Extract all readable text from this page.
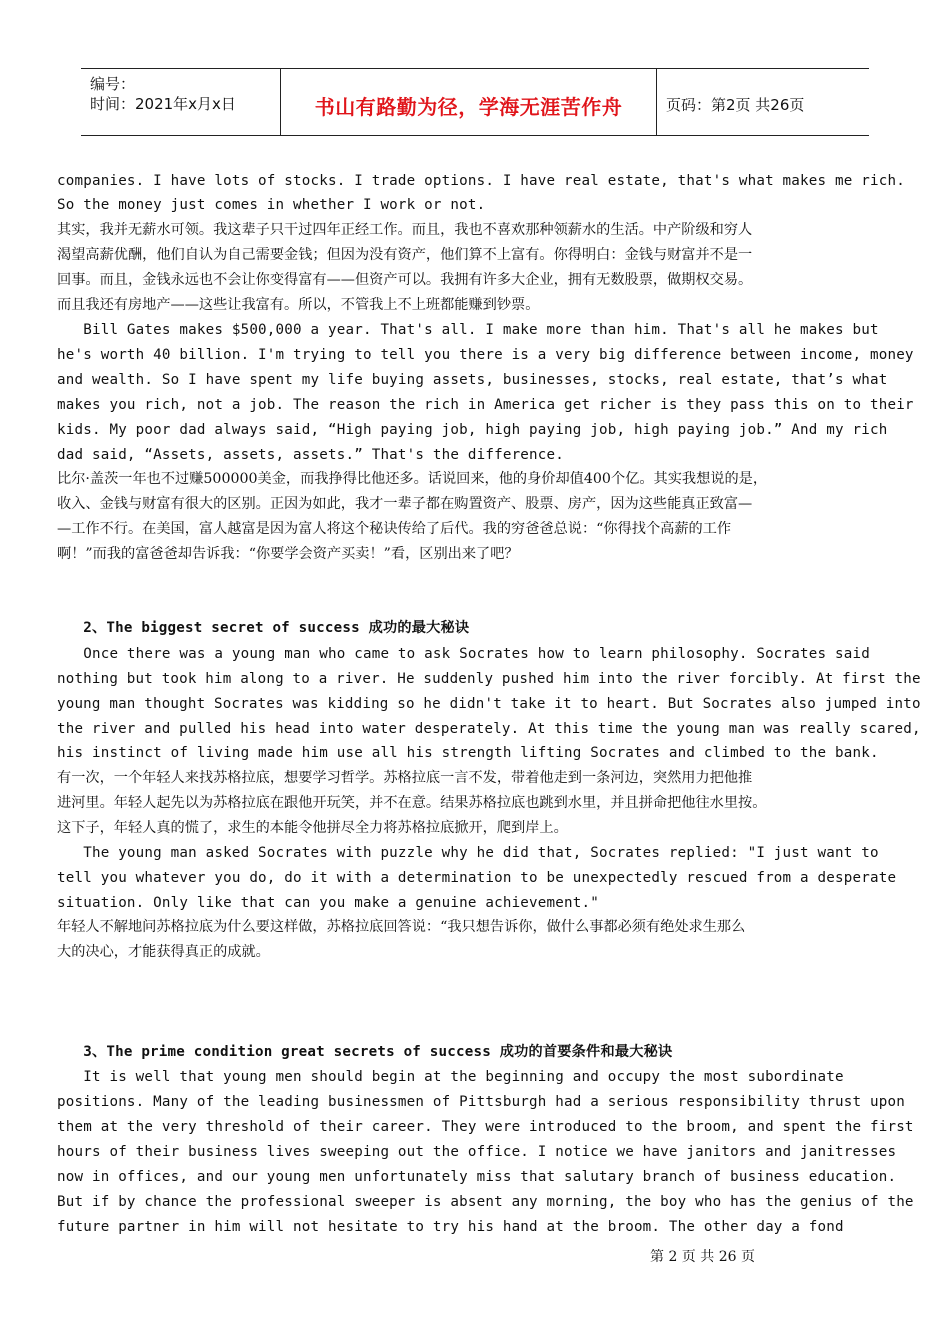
编号：
时间：2021年x月x日	书山有路勤为径，学海无涯苦作舟	页码：第2页 共26页
companies. I have lots of stocks. I trade options. I have real estate, that's what makes me rich.
So the money just comes in whether I work or not.
其实，我并无薪水可领。我这辈子只干过四年正经工作。而且，我也不喜欢那种领薪水的生活。中产阶级和穷人
渴望高薪优酬，他们自认为自己需要金钱；但因为没有资产，他们算不上富有。你得明白：金钱与财富并不是一
回事。而且，金钱永远也不会让你变得富有——但资产可以。我拥有许多大企业，拥有无数股票，做期权交易。
而且我还有房地产——这些让我富有。所以，不管我上不上班都能赚到钞票。
Bill Gates makes $500,000 a year. That's all. I make more than him. That's all he makes but
he's worth 40 billion. I'm trying to tell you there is a very big difference between income, money
and wealth. So I have spent my life buying assets, businesses, stocks, real estate, that’s what
makes you rich, not a job. The reason the rich in America get richer is they pass this on to their
kids. My poor dad always said, “High paying job, high paying job, high paying job.” And my rich
dad said, “Assets, assets, assets.” That's the difference.
比尔·盖茨一年也不过赚500000美金，而我挣得比他还多。话说回来，他的身价却值400个亿。其实我想说的是，
收入、金钱与财富有很大的区别。正因为如此，我才一辈子都在购置资产、股票、房产，因为这些能真正致富—
—工作不行。在美国，富人越富是因为富人将这个秘诀传给了后代。我的穷爸爸总说：“你得找个高薪的工作
啊！”而我的富爸爸却告诉我：“你要学会资产买卖！”看，区别出来了吧？
2、The biggest secret of success 成功的最大秘诀
Once there was a young man who came to ask Socrates how to learn philosophy. Socrates said
nothing but took him along to a river. He suddenly pushed him into the river forcibly. At first the
young man thought Socrates was kidding so he didn't take it to heart. But Socrates also jumped into
the river and pulled his head into water desperately. At this time the young man was really scared,
his instinct of living made him use all his strength lifting Socrates and climbed to the bank.
有一次，一个年轻人来找苏格拉底，想要学习哲学。苏格拉底一言不发，带着他走到一条河边，突然用力把他推
进河里。年轻人起先以为苏格拉底在跟他开玩笑，并不在意。结果苏格拉底也跳到水里，并且拼命把他往水里按。
这下子，年轻人真的慌了，求生的本能令他拼尽全力将苏格拉底掀开，爬到岸上。
The young man asked Socrates with puzzle why he did that, Socrates replied: "I just want to
tell you whatever you do, do it with a determination to be unexpectedly rescued from a desperate
situation. Only like that can you make a genuine achievement."
年轻人不解地问苏格拉底为什么要这样做，苏格拉底回答说：“我只想告诉你，做什么事都必须有绝处求生那么
大的决心，才能获得真正的成就。
3、The prime condition great secrets of success 成功的首要条件和最大秘诀
It is well that young men should begin at the beginning and occupy the most subordinate
positions. Many of the leading businessmen of Pittsburgh had a serious responsibility thrust upon
them at the very threshold of their career. They were introduced to the broom, and spent the first
hours of their business lives sweeping out the office. I notice we have janitors and janitresses
now in offices, and our young men unfortunately miss that salutary branch of business education.
But if by chance the professional sweeper is absent any morning, the boy who has the genius of the
future partner in him will not hesitate to try his hand at the broom. The other day a fond
第 2 页 共 26 页
